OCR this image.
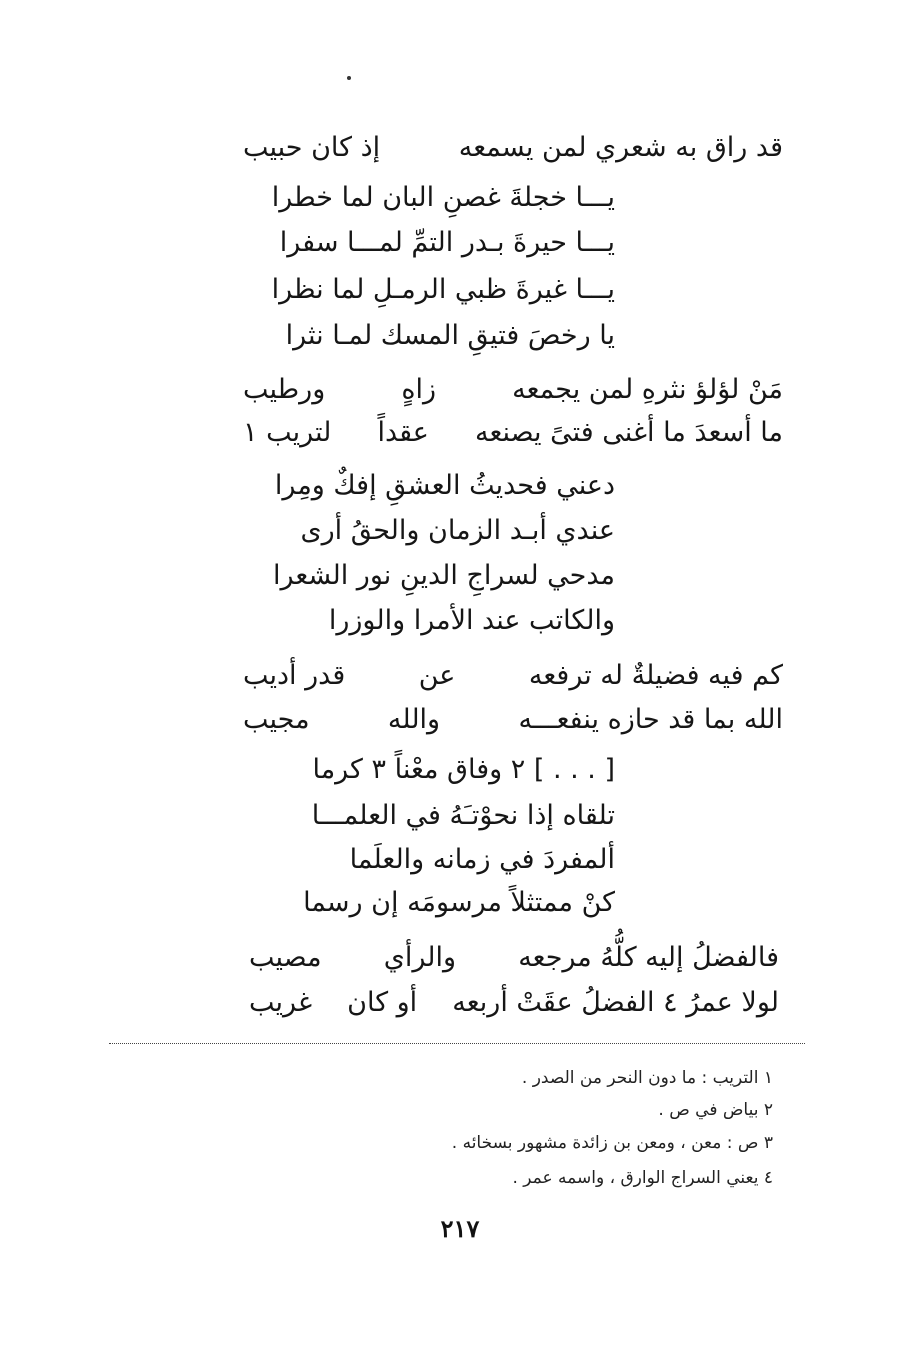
قد راق به شعري لمن يسمعه
إذ كان حبيب
يـــا خجلةَ غصنِ البان لما خطرا
يـــا حيرةَ بـدر التمِّ لمـــا سفرا
يـــا غيرةَ ظبي الرمـلِ لما نظرا
يا رخصَ فتيقِ المسك لمـا نثرا
مَنْ لؤلؤ نثرهِ لمن يجمعه
زاهٍ
ورطيب
ما أسعدَ ما أغنى فتىً يصنعه
عقداً
لتريب ١
دعني فحديثُ العشقِ إفكٌ ومِرا
عندي أبـد الزمان والحقُ أرى
مدحي لسراجِ الدينِ نور الشعرا
والكاتب عند الأمرا والوزرا
كم فيه فضيلةٌ له ترفعه
عن
قدر أديب
الله بما قد حازه ينفعـــه
والله
مجيب
[ . . . ] ٢ وفاق معْناً ٣ كرما
تلقاه إذا نحوْتـَهُ في العلمـــا
ألمفردَ في زمانه والعلَما
كنْ ممتثلاً مرسومَه إن رسما
فالفضلُ إليه كلُّهُ مرجعه
والرأي
مصيب
لولا عمرُ ٤ الفضلُ عقَتْ أربعه
أو كان
غريب
١ التريب : ما دون النحر من الصدر .
٢ بياض في ص .
٣ ص : معن ، ومعن بن زائدة مشهور بسخائه .
٤ يعني السراج الوارق ، واسمه عمر .
٢١٧
